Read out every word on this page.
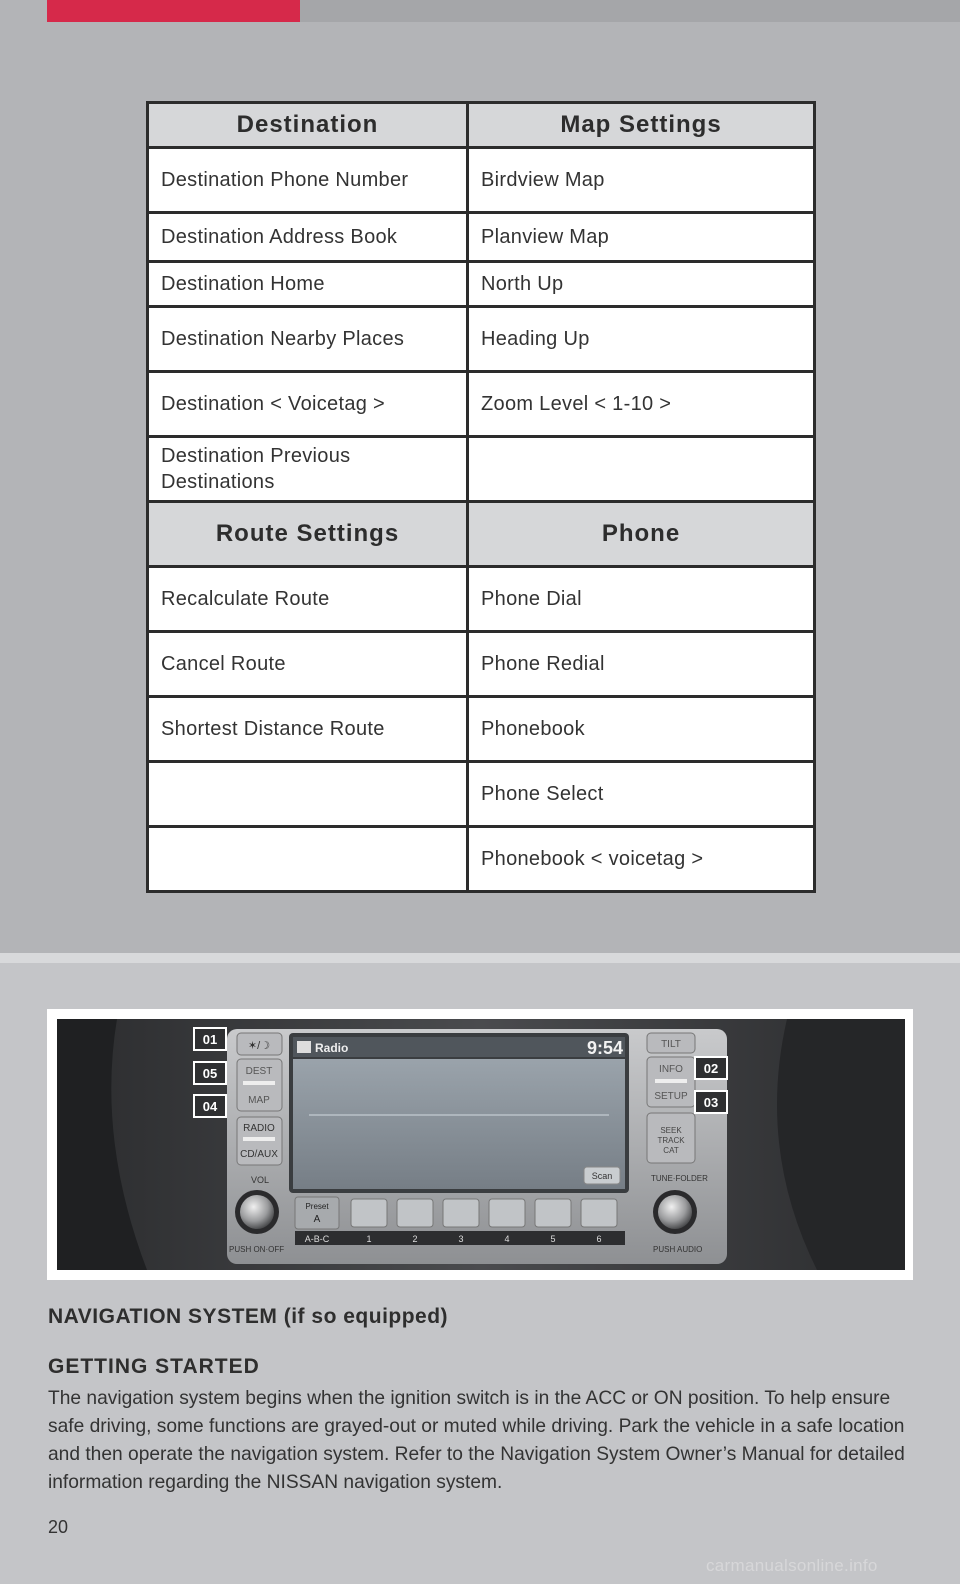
Destination	Map Settings
Destination Phone Number	Birdview Map
Destination Address Book	Planview Map
Destination Home	North Up
Destination Nearby Places	Heading Up
Destination < Voicetag >	Zoom Level < 1-10 >
Destination Previous Destinations	
Route Settings	Phone
Recalculate Route	Phone Dial
Cancel Route	Phone Redial
Shortest Distance Route	Phonebook
	Phone Select
	Phonebook < voicetag >
✶/☽
DEST
MAP
RADIO
CD/AUX
VOL
PUSH ON·OFF
Radio	9:54
Scan
Preset
A
A-B-C	1	2	3	4	5	6
TILT
INFO
SETUP
SEEK
TRACK
CAT
TUNE·FOLDER
PUSH AUDIO
01
05
04
02
03
NAVIGATION SYSTEM (if so equipped)
GETTING STARTED
The navigation system begins when the ignition switch is in the ACC or ON position. To help ensure safe driving, some functions are grayed-out or muted while driving. Park the vehicle in a safe location and then operate the navigation system. Refer to the Navigation System Owner’s Manual for detailed information regarding the NISSAN navigation system.
20
carmanualsonline.info
